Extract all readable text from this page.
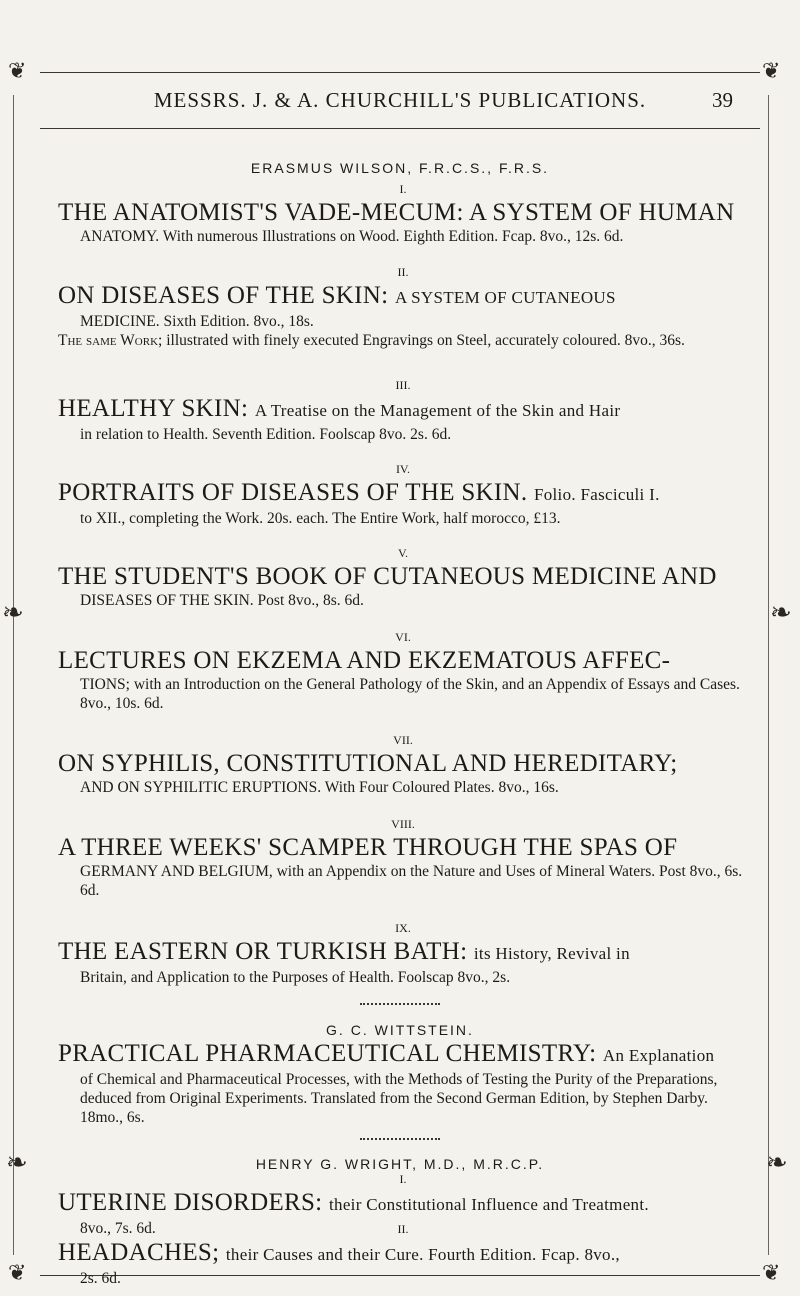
❦	❦
❦	❦
❧	❧
❧	❧
MESSRS. J. & A. CHURCHILL'S PUBLICATIONS.	39
ERASMUS WILSON, F.R.C.S., F.R.S.
I.
THE ANATOMIST'S VADE-MECUM: A SYSTEM OF HUMAN
ANATOMY. With numerous Illustrations on Wood. Eighth Edition. Fcap. 8vo., 12s. 6d.
II.
ON DISEASES OF THE SKIN: A SYSTEM OF CUTANEOUS
MEDICINE. Sixth Edition. 8vo., 18s.
The same Work; illustrated with finely executed Engravings on Steel, accurately coloured. 8vo., 36s.
III.
HEALTHY SKIN: A Treatise on the Management of the Skin and Hair
in relation to Health. Seventh Edition. Foolscap 8vo. 2s. 6d.
IV.
PORTRAITS OF DISEASES OF THE SKIN. Folio. Fasciculi I.
to XII., completing the Work. 20s. each. The Entire Work, half morocco, £13.
V.
THE STUDENT'S BOOK OF CUTANEOUS MEDICINE AND
DISEASES OF THE SKIN. Post 8vo., 8s. 6d.
VI.
LECTURES ON EKZEMA AND EKZEMATOUS AFFEC-
TIONS; with an Introduction on the General Pathology of the Skin, and an Appendix of Essays and Cases. 8vo., 10s. 6d.
VII.
ON SYPHILIS, CONSTITUTIONAL AND HEREDITARY;
AND ON SYPHILITIC ERUPTIONS. With Four Coloured Plates. 8vo., 16s.
VIII.
A THREE WEEKS' SCAMPER THROUGH THE SPAS OF
GERMANY AND BELGIUM, with an Appendix on the Nature and Uses of Mineral Waters. Post 8vo., 6s. 6d.
IX.
THE EASTERN OR TURKISH BATH: its History, Revival in
Britain, and Application to the Purposes of Health. Foolscap 8vo., 2s.
G. C. WITTSTEIN.
PRACTICAL PHARMACEUTICAL CHEMISTRY: An Explanation
of Chemical and Pharmaceutical Processes, with the Methods of Testing the Purity of the Preparations, deduced from Original Experiments. Translated from the Second German Edition, by Stephen Darby. 18mo., 6s.
HENRY G. WRIGHT, M.D., M.R.C.P.
I.
UTERINE DISORDERS: their Constitutional Influence and Treatment.
8vo., 7s. 6d.	II.
HEADACHES; their Causes and their Cure. Fourth Edition. Fcap. 8vo.,
2s. 6d.
